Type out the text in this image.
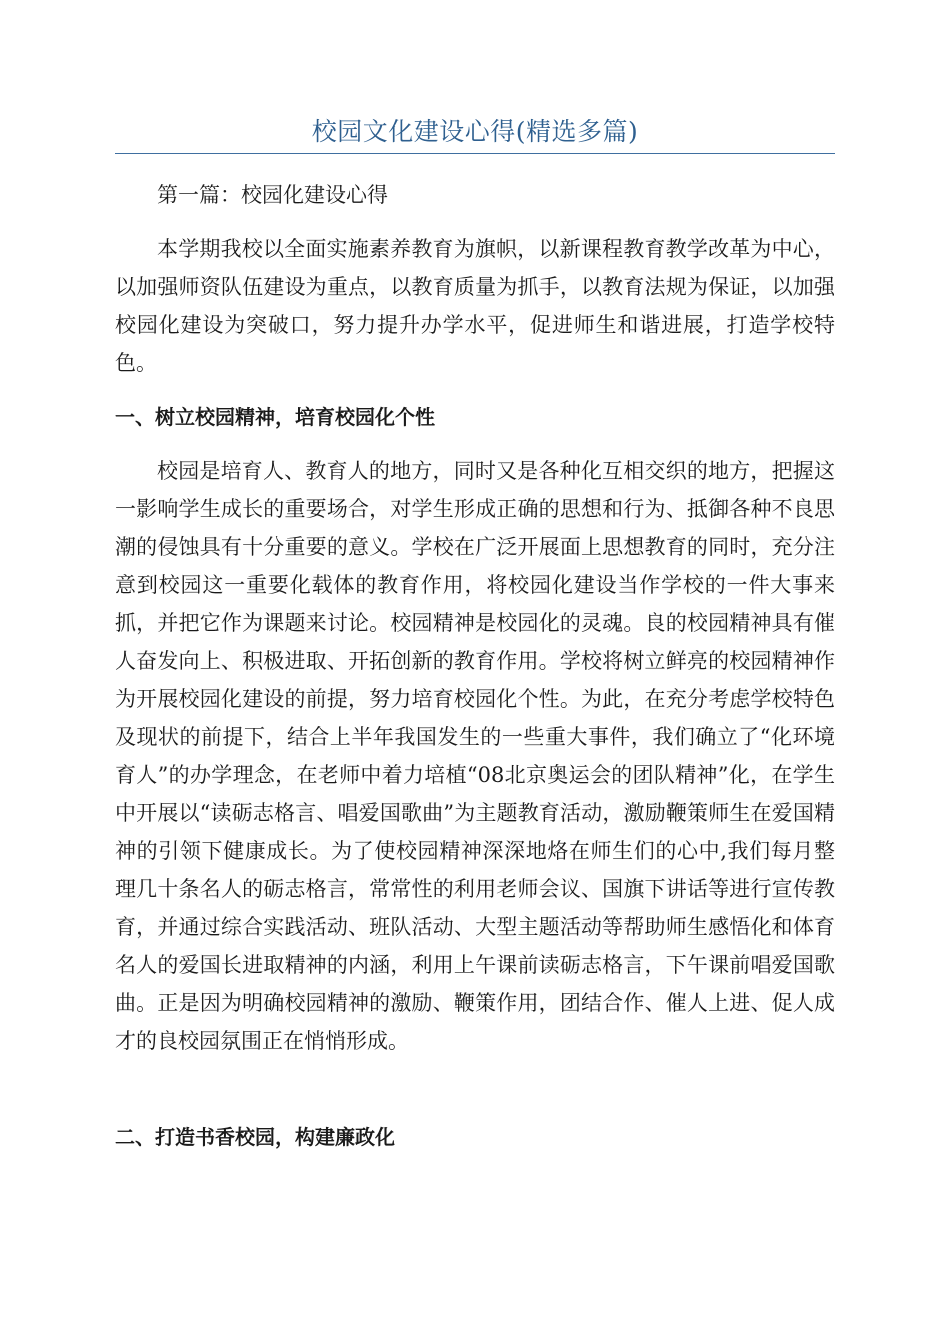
校园文化建设心得(精选多篇)
第一篇：校园化建设心得
本学期我校以全面实施素养教育为旗帜，以新课程教育教学改革为中心，以加强师资队伍建设为重点，以教育质量为抓手，以教育法规为保证，以加强校园化建设为突破口，努力提升办学水平，促进师生和谐进展，打造学校特色。
一、树立校园精神，培育校园化个性
校园是培育人、教育人的地方，同时又是各种化互相交织的地方，把握这一影响学生成长的重要场合，对学生形成正确的思想和行为、抵御各种不良思潮的侵蚀具有十分重要的意义。学校在广泛开展面上思想教育的同时，充分注意到校园这一重要化载体的教育作用，将校园化建设当作学校的一件大事来抓，并把它作为课题来讨论。校园精神是校园化的灵魂。良的校园精神具有催人奋发向上、积极进取、开拓创新的教育作用。学校将树立鲜亮的校园精神作为开展校园化建设的前提，努力培育校园化个性。为此，在充分考虑学校特色及现状的前提下，结合上半年我国发生的一些重大事件，我们确立了“化环境育人”的办学理念，在老师中着力培植“08北京奥运会的团队精神”化，在学生中开展以“读砺志格言、唱爱国歌曲”为主题教育活动，激励鞭策师生在爱国精神的引领下健康成长。为了使校园精神深深地烙在师生们的心中,我们每月整理几十条名人的砺志格言，常常性的利用老师会议、国旗下讲话等进行宣传教育，并通过综合实践活动、班队活动、大型主题活动等帮助师生感悟化和体育名人的爱国长进取精神的内涵，利用上午课前读砺志格言，下午课前唱爱国歌曲。正是因为明确校园精神的激励、鞭策作用，团结合作、催人上进、促人成才的良校园氛围正在悄悄形成。
二、打造书香校园，构建廉政化
